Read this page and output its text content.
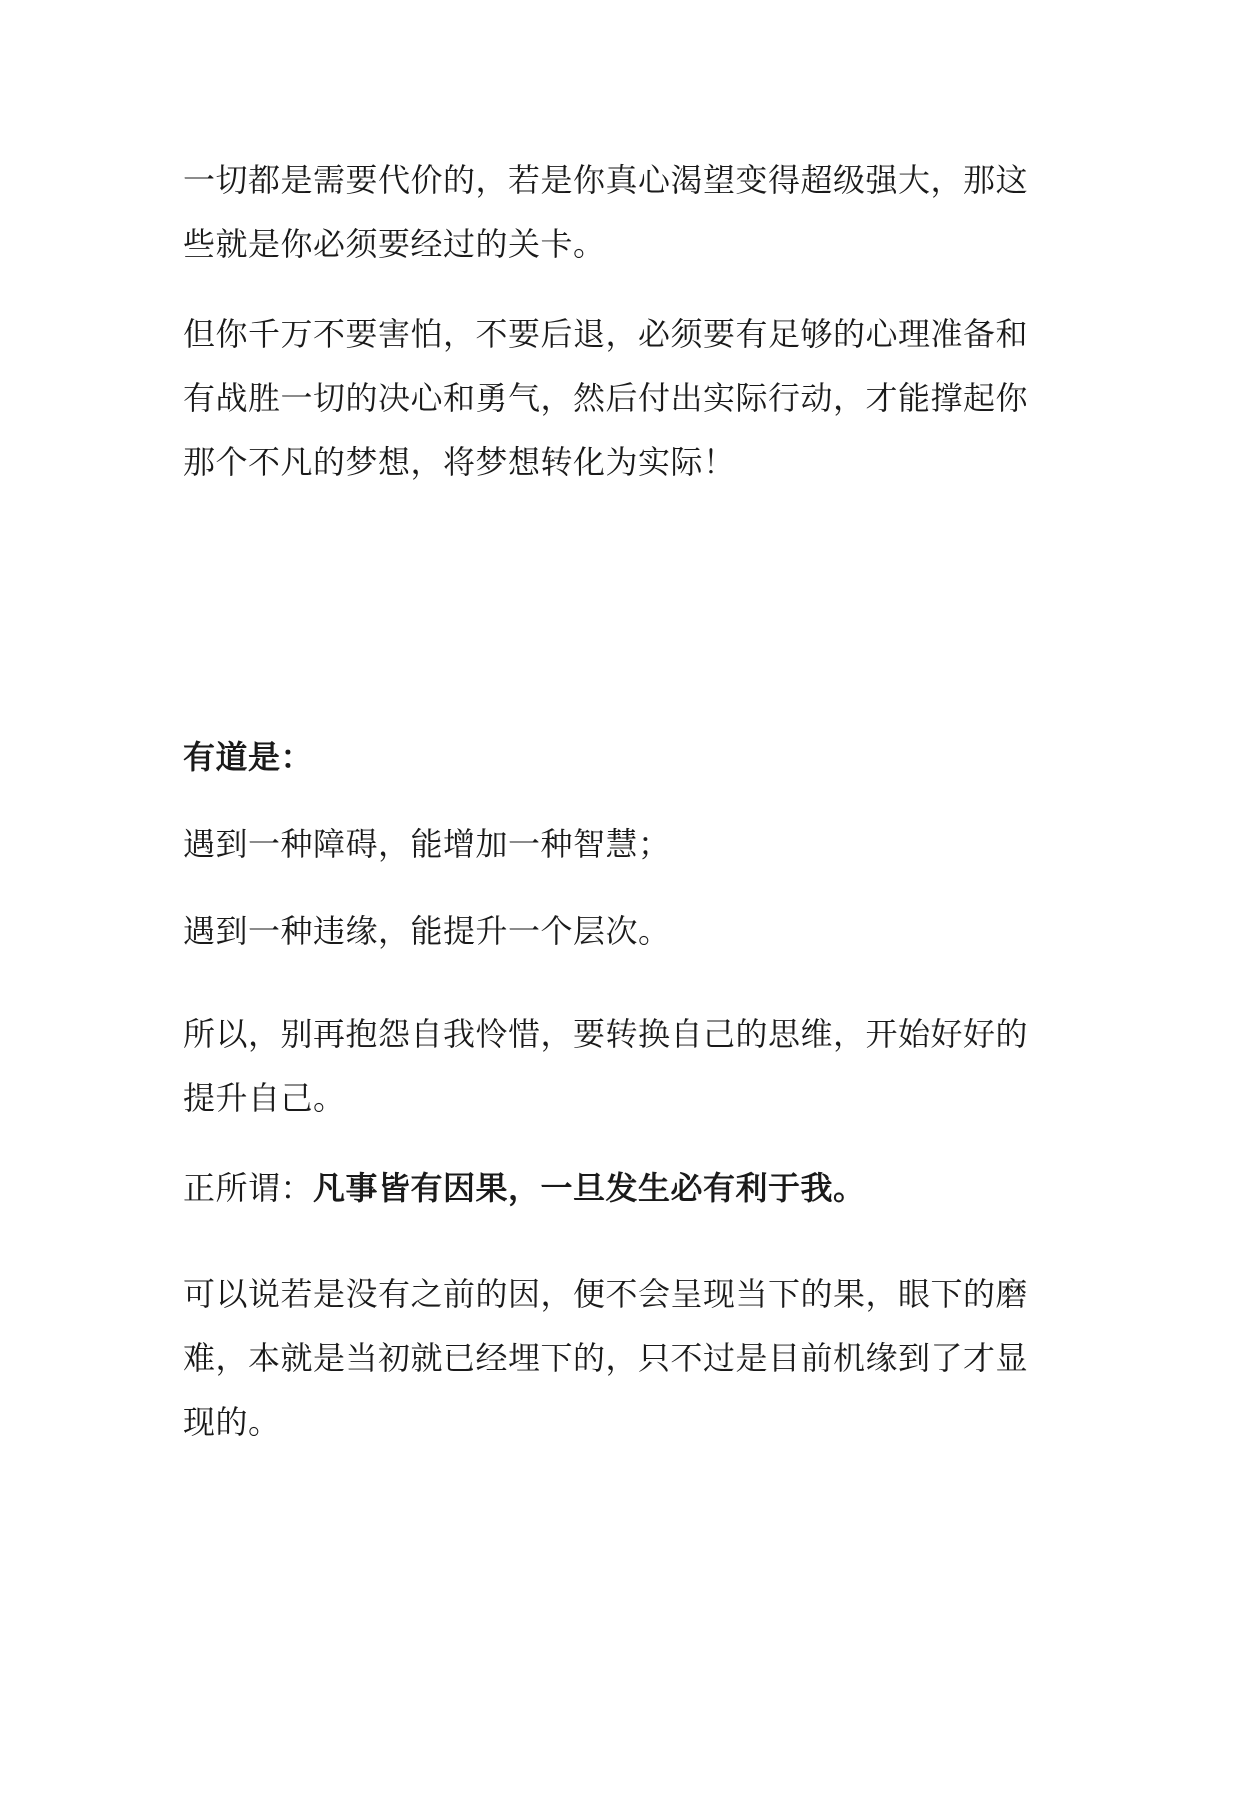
一切都是需要代价的，若是你真心渴望变得超级强大，那这
些就是你必须要经过的关卡。

但你千万不要害怕，不要后退，必须要有足够的心理准备和
有战胜一切的决心和勇气，然后付出实际行动，才能撑起你
那个不凡的梦想，将梦想转化为实际！

有道是：

遇到一种障碍，能增加一种智慧；

遇到一种违缘，能提升一个层次。

所以，别再抱怨自我怜惜，要转换自己的思维，开始好好的
提升自己。

正所谓：凡事皆有因果，一旦发生必有利于我。

可以说若是没有之前的因，便不会呈现当下的果，眼下的磨
难，本就是当初就已经埋下的，只不过是目前机缘到了才显
现的。
